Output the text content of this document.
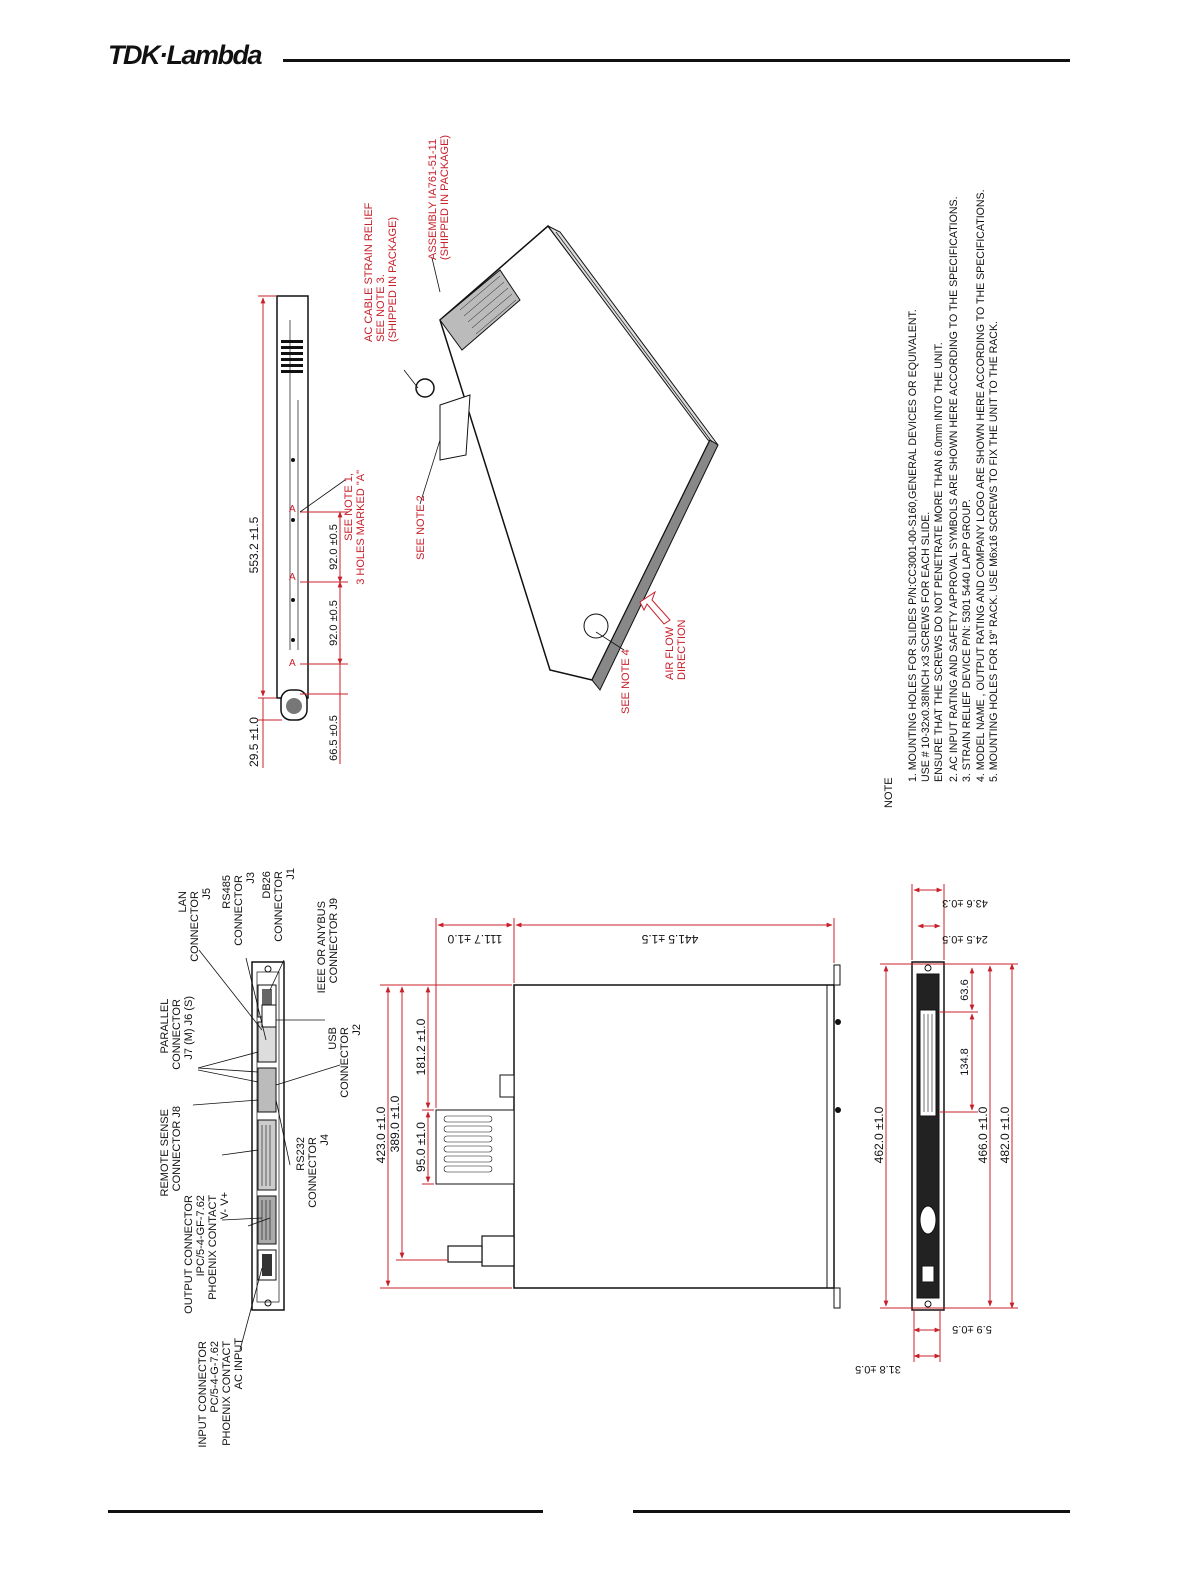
TDK·Lambda
LAN CONNECTOR J5 RS485 CONNECTOR J3 DB26 CONNECTOR J1
IEEE OR ANYBUS CONNECTOR J9
PARALLEL CONNECTOR J7 (M) J6 (S)	USB CONNECTOR J2
REMOTE SENSE CONNECTOR J8	RS232 CONNECTOR J4
OUTPUT CONNECTOR IPC/5-4-GF-7.62 PHOENIX CONTACT V- V+
INPUT CONNECTOR PC/5-4-G-7.62 PHOENIX CONTACT AC INPUT
A
A
A
553.2 ±1.5
29.5 ±1.0
92.0 ±0.5
92.0 ±0.5
66.5 ±0.5
SEE NOTE 1, 3 HOLES MARKED "A"
ASSEMBLY IA761-51-11 (SHIPPED IN PACKAGE)
AC CABLE STRAIN RELIEF SEE NOTE 3. (SHIPPED IN PACKAGE)
SEE NOTE 2
SEE NOTE 4	AIR FLOW DIRECTION
441.5 ±1.5
111.7 ±1.0
423.0 ±1.0 389.0 ±1.0
181.2 ±1.0
95.0 ±1.0
43.6 ±0.3
24.5 ±0.5
63.6
134.8
462.0 ±1.0	466.0 ±1.0 482.0 ±1.0
5.9 ±0.5
31.8 ±0.5
NOTE
1. MOUNTING HOLES FOR SLIDES P/N:CC3001-00-S160,GENERAL DEVICES OR EQUIVALENT. USE # 10-32x0.38INCH x3 SCREWS FOR EACH SLIDE. ENSURE THAT THE SCREWS DO NOT PENETRATE MORE THAN 6.0mm INTO THE UNIT. 2. AC INPUT RATING AND SAFETY APPROVAL SYMBOLS ARE SHOWN HERE ACCORDING TO THE SPECIFICATIONS. 3. STRAIN RELIEF DEVICE P/N: 5301 5440 LAPP GROUP. 4. MODEL NAME , OUTPUT RATING AND COMPANY LOGO ARE SHOWN HERE ACCORDING TO THE SPECIFICATIONS. 5. MOUNTING HOLES FOR 19" RACK. USE M6x16 SCREWS TO FIX THE UNIT TO THE RACK.
